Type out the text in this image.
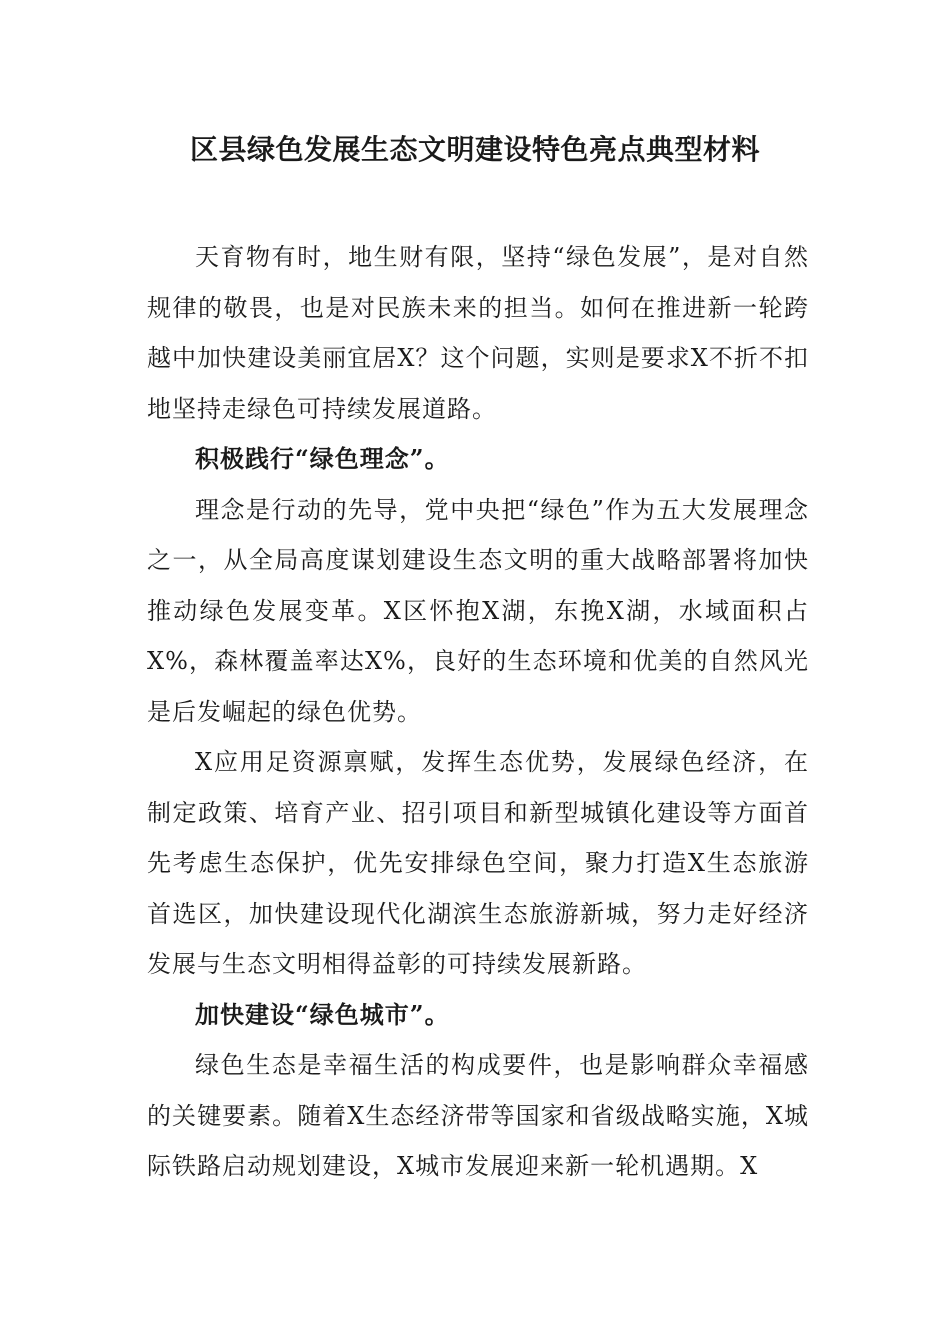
区县绿色发展生态文明建设特色亮点典型材料

天育物有时，地生财有限，坚持“绿色发展”，是对自然规律的敬畏，也是对民族未来的担当。如何在推进新一轮跨越中加快建设美丽宜居X？这个问题，实则是要求X不折不扣地坚持走绿色可持续发展道路。

积极践行“绿色理念”。

理念是行动的先导，党中央把“绿色”作为五大发展理念之一，从全局高度谋划建设生态文明的重大战略部署将加快推动绿色发展变革。X区怀抱X湖，东挽X湖，水域面积占X%，森林覆盖率达X%，良好的生态环境和优美的自然风光是后发崛起的绿色优势。

X应用足资源禀赋，发挥生态优势，发展绿色经济，在制定政策、培育产业、招引项目和新型城镇化建设等方面首先考虑生态保护，优先安排绿色空间，聚力打造X生态旅游首选区，加快建设现代化湖滨生态旅游新城，努力走好经济发展与生态文明相得益彰的可持续发展新路。

加快建设“绿色城市”。

绿色生态是幸福生活的构成要件，也是影响群众幸福感的关键要素。随着X生态经济带等国家和省级战略实施，X城际铁路启动规划建设，X城市发展迎来新一轮机遇期。X
